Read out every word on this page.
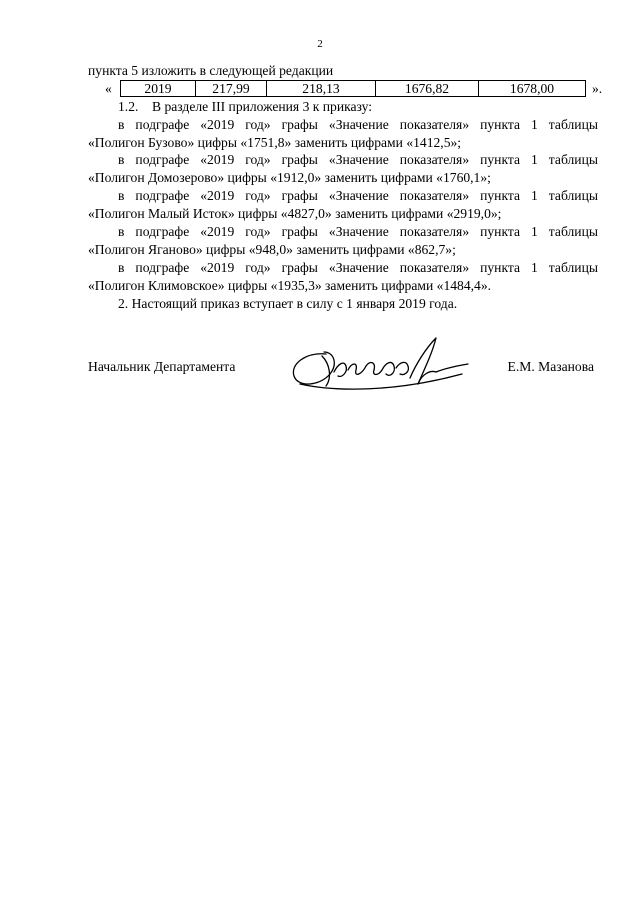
2
пункта 5 изложить в следующей редакции
« 2019	217,99	218,13	1676,82	1678,00	».
1.2.    В разделе III приложения 3 к приказу:
в подграфе «2019 год» графы «Значение показателя» пункта 1 таблицы
«Полигон Бузово» цифры «1751,8» заменить цифрами «1412,5»;
в подграфе «2019 год» графы «Значение показателя» пункта 1 таблицы
«Полигон Домозерово» цифры «1912,0» заменить цифрами «1760,1»;
в подграфе «2019 год» графы «Значение показателя» пункта 1 таблицы
«Полигон Малый Исток» цифры «4827,0» заменить цифрами «2919,0»;
в подграфе «2019 год» графы «Значение показателя» пункта 1 таблицы
«Полигон Яганово» цифры «948,0» заменить цифрами «862,7»;
в подграфе «2019 год» графы «Значение показателя» пункта 1 таблицы
«Полигон Климовское» цифры «1935,3» заменить цифрами «1484,4».
2. Настоящий приказ вступает в силу с 1 января 2019 года.
Начальник Департамента	Е.М. Мазанова
